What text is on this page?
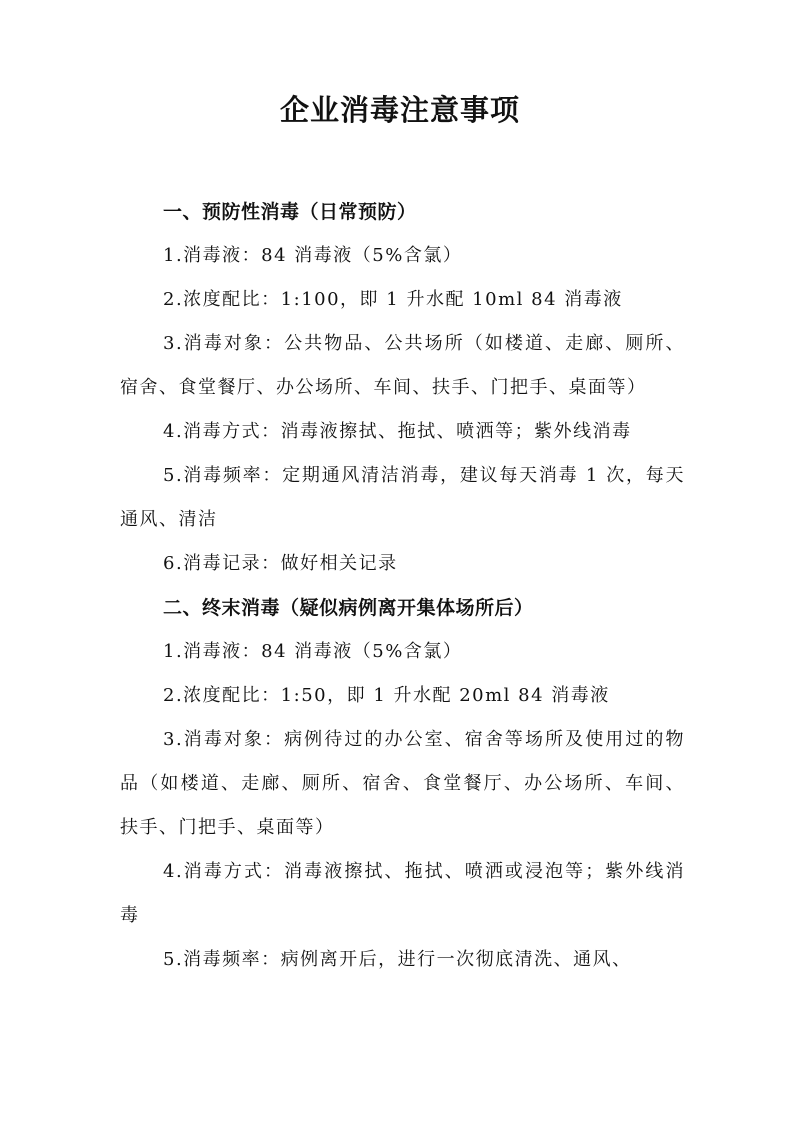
企业消毒注意事项

一、预防性消毒（日常预防）

1.消毒液：84 消毒液（5%含氯）

2.浓度配比：1:100，即 1 升水配 10ml 84 消毒液

3.消毒对象：公共物品、公共场所（如楼道、走廊、厕所、宿舍、食堂餐厅、办公场所、车间、扶手、门把手、桌面等）

4.消毒方式：消毒液擦拭、拖拭、喷洒等；紫外线消毒

5.消毒频率：定期通风清洁消毒，建议每天消毒 1 次，每天通风、清洁

6.消毒记录：做好相关记录

二、终末消毒（疑似病例离开集体场所后）

1.消毒液：84 消毒液（5%含氯）

2.浓度配比：1:50，即 1 升水配 20ml 84 消毒液

3.消毒对象：病例待过的办公室、宿舍等场所及使用过的物品（如楼道、走廊、厕所、宿舍、食堂餐厅、办公场所、车间、扶手、门把手、桌面等）

4.消毒方式：消毒液擦拭、拖拭、喷洒或浸泡等；紫外线消毒

5.消毒频率：病例离开后，进行一次彻底清洗、通风、
